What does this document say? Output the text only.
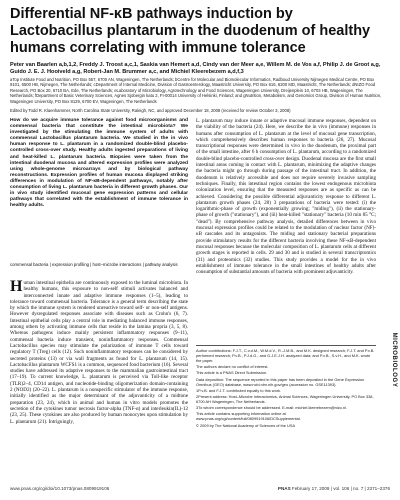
Differential NF-κB pathways induction by Lactobacillus plantarum in the duodenum of healthy humans correlating with immune tolerance

Peter van Baarlen a,b,1,2, Freddy J. Troost a,c,1, Saskia van Hemert a,d, Cindy van der Meer a,e, Willem M. de Vos a,f, Philip J. de Groot a,g, Guido J. E. J. Hooiveld a,g, Robert-Jan M. Brummer a,c, and Michiel Kleerebezem a,d,f,3

aTop Institute Food and Nutrition, PO Box 557, 6700 AN, Wageningen, The Netherlands; bCentre for Molecular and Biomolecular Informatics, Radboud University Nijmegen Medical Centre, PO Box 9101, 6500 HB, Nijmegen, The Netherlands; cDepartment of Internal Medicine, Division of Gastroenterology, Maastricht University, PO Box 616, 6200 MD, Maastricht, The Netherlands; dNIZO Food Research, PO Box 20, 6710 BA, Ede, The Netherlands; eLaboratory of Microbiology, Agrotechnology and Food Sciences, Wageningen University, Dreijenplein 10, 6703 HB, Wageningen, The Netherlands; fDepartment of Basic Veterinary Sciences, Agnes Sjobergin katu 2, FI-00014 University of Helsinki, Finland; and gNutrition, Metabolism, and Genomics Group, Division of Human Nutrition, Wageningen University, PO Box 8129, 6700 EV, Wageningen, The Netherlands

Edited by Todd R. Klaenhammer, North Carolina State University, Raleigh, NC, and approved December 18, 2008 (received for review October 3, 2008)

How do we acquire immune tolerance against food microorganisms and commensal bacteria that constitute the intestinal microbiota? We investigated by the stimulating the immune system of adults with commensal Lactobacillus plantarum bacteria. We studied in the in vivo human response to L. plantarum in a randomized double-blind placebo-controlled cross-over study. Healthy adults ingested preparations of living and heat-killed L. plantarum bacteria. Biopsies were taken from the intestinal duodenal mucosa and altered expression profiles were analyzed using whole-genome microarrays and by biological pathway reconstructions. Expression profiles of human mucosa displayed striking differences in modulation of NF-κB-dependent pathways, notably after consumption of living L. plantarum bacteria in different growth phases. Our in vivo study identified mucosal gene expression patterns and cellular pathways that correlated with the establishment of immune tolerance in healthy adults.

commensal bacteria | expression profiling | host–microbe interactions | pathway analysis

Human intestinal epithelia are continuously exposed to the luminal microbiota. In healthy humans, this exposure to non-self stimuli activates balanced and interconnected innate and adaptive immune responses (1–5), leading to tolerance toward commensal bacteria. Tolerance is a general term describing the state by which the immune system is rendered unreactive toward self- or non-self antigens. However dysregulated responses associate with diseases such as Crohn's (6, 7). Intestinal epithelial cells play a central role in mediating balanced immune responses, among others by activating immune cells that reside in the lamina propria (3, 5, 8). Whereas pathogens induce mainly persistent inflammatory responses (9–11), commensal bacteria induce transient, noninflammatory responses. Commensal Lactobacillus species may stimulate the polarization of immune T cells toward regulatory T (Treg) cells (12). Such noninflammatory responses can be considered by secreted proteins (13) or via wall fragments as found for L. plantarum (14, 15). Lactobacillus plantarum WCFS1 is a common, sequenced food bacterium (16). Several studies have addressed its adaptive responses to the mammalian gastrointestinal tract (17–19). To current knowledge, L. plantarum is perceived via Toll-like receptor (TLR)2–4, CD14 antigen, and nucleotide-binding oligomerization domain-containing 2 (NOD2) (20–22). L. plantarum is a nonspecific stimulator of the immune response, initially identified as the major determinant of the adjuvanticity of a midtone preparation (23, 24), which in animal and human in vitro models promotes the secretion of the cytokines tumor necrosis factor-alpha (TNF-α) and interleukin(IL)-12 (23, 25). These cytokines are also produced by human monocytes upon stimulation by L. plantarum (21). Intriguingly,

L. plantarum may induce innate or adaptive mucosal immune responses, dependent on the viability of the bacteria (24). Here, we describe the in vivo (immune) responses in humans after consumption of L. plantarum at the level of mucosal gene transcription, which comprehensively describes human responses to bacteria (26, 27). Mucosal transcriptional responses were determined in vivo in the duodenum, the proximal part of the small intestine, after 6 h consumption of L. plantarum, according to a randomized double-blind placebo-controlled cross-over design. Duodenal mucosa are the first small intestinal areas coming in contact with L. plantarum, minimizing the adaptive changes the bacteria might go through during passage of the intestinal tract. In addition, the duodenum is relatively accessible and does not require severely invasive sampling techniques. Finally, this intestinal region contains the lowest endogenous microbiota colonization level, ensuring that the measured responses are as specific as can be achieved. Considering the possible differential adjuvanticity response to different L. plantarum growth phases (24, 28) 3 preparations of bacteria were tested: (i) the logarithmic-phase of growth (exponentially growing; "midlog"), (ii) the stationary-phase of growth ("stationary"), and (iii) heat-killed "stationary" bacteria (10 min 85 °C; "dead"). By comprehensive pathway analysis, detailed differences between in vivo mucosal expression profiles could be related to the modulation of nuclear factor (NF)-κB cascades and its antagonists. The midlog and stationary bacterial preparations provide stimulatory results for the different bacteria involving these NF-κB-dependent mucosal responses because the molecular composition of L. plantarum cells at different growth stages is reported in cells. 29 and 30 and is studied in several transcriptomics (31) and proteomics (32) studies. This study provides a model for the in vivo establishment of immune tolerance in the small intestines of healthy adults after consumption of substantial amounts of bacteria with prominent adjuvanticity.

Author contributions: F.J.T., C.v.d.M., W.M.d.V., R.-J.M.B., and M.K. designed research; F.J.T. and P.v.B. performed research; P.v.B., P.J.d.G., and G.J.E.J.H. analyzed data; and P.v.B., S.v.H., and M.K. wrote the paper.

The authors declare no conflict of interest.

This article is a PNAS Direct Submission.

Data deposition: The sequence reported in this paper has been deposited in the Gene Expression Omnibus (GEO) database, www.ncbi.nlm.nih.gov/geo (accession no. GSE11393).

1P.v.B. and F.J.T. contributed equally to this work.

2Present address: Host–Microbe Interactomics, Animal Sciences, Wageningen University, PO Box 338, 6700 AH Wageningen, The Netherlands.

3To whom correspondence should be addressed. E-mail: michiel.kleerebezem@nizo.nl.

This article contains supporting information online at www.pnas.org/cgi/content/full/0809919106/DCSupplemental.

© 2009 by The National Academy of Sciences of the USA

MICROBIOLOGY
www.pnas.org/cgi/doi/10.1073/pnas.0809919106	PNAS February 17, 2009 | vol. 106 | no. 7 | 2371–2376
